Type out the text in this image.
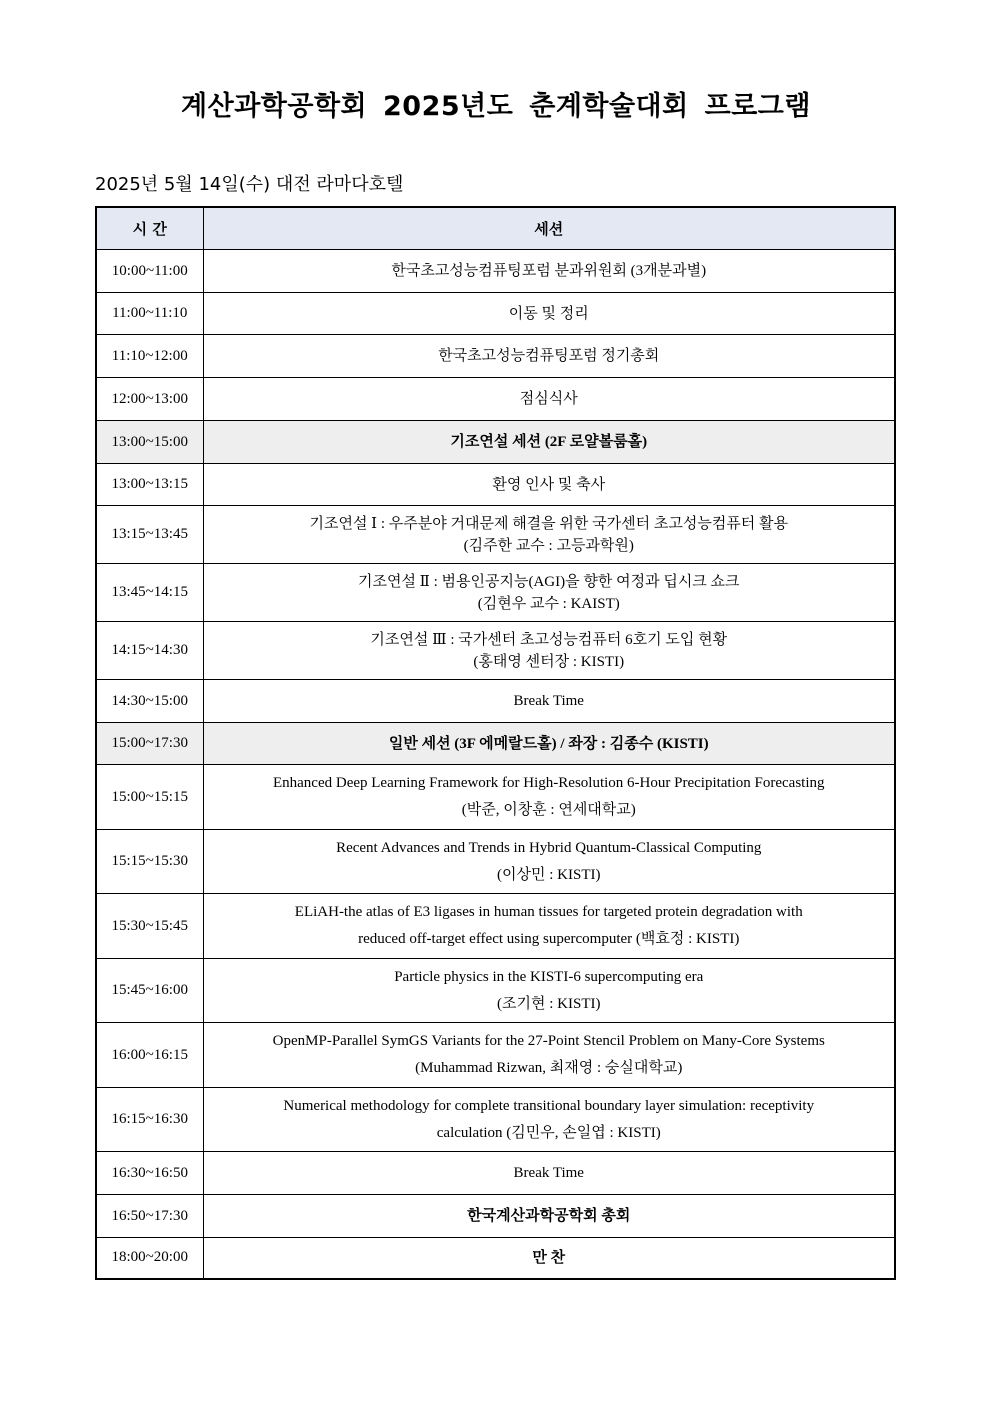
계산과학공학회 2025년도 춘계학술대회 프로그램
2025년 5월 14일(수) 대전 라마다호텔
시 간	세션
10:00~11:00	한국초고성능컴퓨팅포럼 분과위원회 (3개분과별)

11:00~11:10	이동 및 정리

11:10~12:00	한국초고성능컴퓨팅포럼 정기총회

12:00~13:00	점심식사

13:00~15:00	기조연설 세션 (2F 로얄볼룸홀)

13:00~13:15	환영 인사 및 축사

13:15~13:45	기조연설 Ⅰ : 우주분야 거대문제 해결을 위한 국가센터 초고성능컴퓨터 활용
(김주한 교수 : 고등과학원)

13:45~14:15	기조연설 Ⅱ : 범용인공지능(AGI)을 향한 여정과 딥시크 쇼크
(김현우 교수 : KAIST)

14:15~14:30	기조연설 Ⅲ : 국가센터 초고성능컴퓨터 6호기 도입 현황
(홍태영 센터장 : KISTI)

14:30~15:00	Break Time

15:00~17:30	일반 세션 (3F 에메랄드홀) / 좌장 : 김종수 (KISTI)

15:00~15:15	Enhanced Deep Learning Framework for High-Resolution 6-Hour Precipitation Forecasting
(박준, 이창훈 : 연세대학교)

15:15~15:30	Recent Advances and Trends in Hybrid Quantum-Classical Computing
(이상민 : KISTI)

15:30~15:45	ELiAH-the atlas of E3 ligases in human tissues for targeted protein degradation with
reduced off-target effect using supercomputer (백효정 : KISTI)

15:45~16:00	Particle physics in the KISTI-6 supercomputing era
(조기현 : KISTI)

16:00~16:15	OpenMP-Parallel SymGS Variants for the 27-Point Stencil Problem on Many-Core Systems
(Muhammad Rizwan, 최재영 : 숭실대학교)

16:15~16:30	Numerical methodology for complete transitional boundary layer simulation: receptivity
calculation (김민우, 손일엽 : KISTI)

16:30~16:50	Break Time

16:50~17:30	한국계산과학공학회 총회

18:00~20:00	만 찬
